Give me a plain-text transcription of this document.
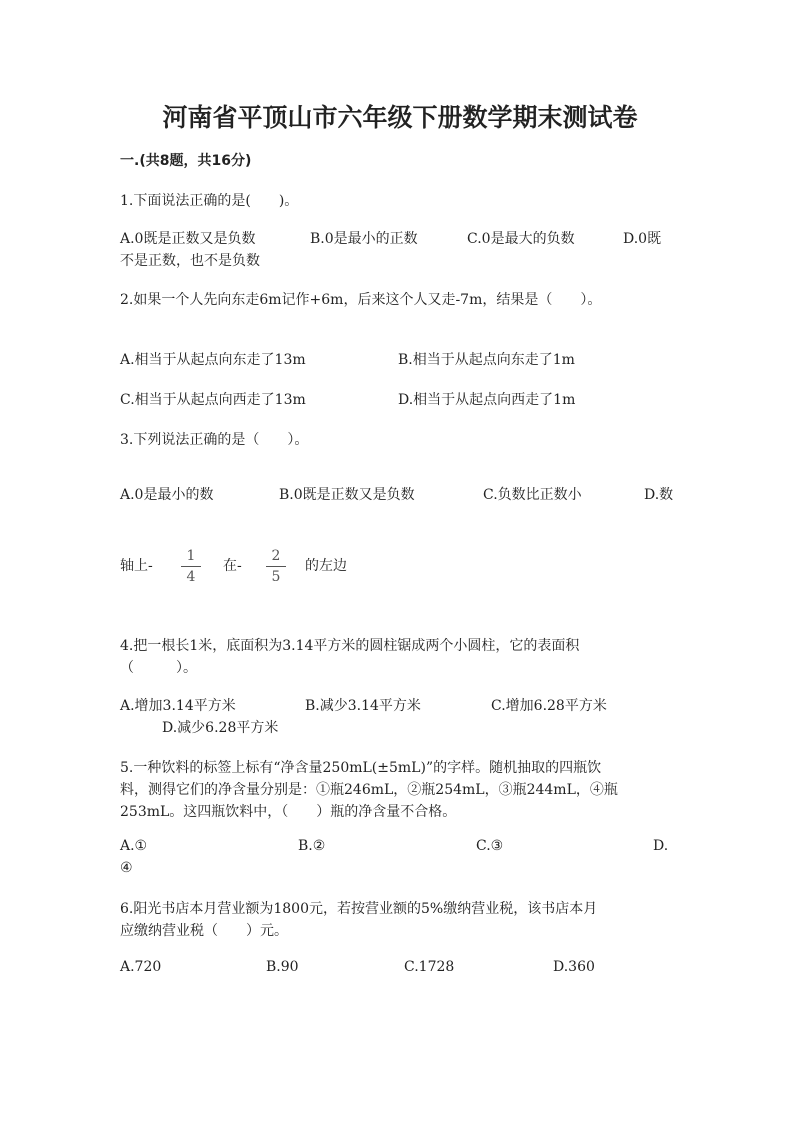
河南省平顶山市六年级下册数学期末测试卷
一.(共8题，共16分)
1.下面说法正确的是(　　)。
A.0既是正数又是负数	B.0是最小的正数	C.0是最大的负数	D.0既
不是正数，也不是负数
2.如果一个人先向东走6m记作+6m，后来这个人又走-7m，结果是（　　）。
A.相当于从起点向东走了13m	B.相当于从起点向东走了1m
C.相当于从起点向西走了13m	D.相当于从起点向西走了1m
3.下列说法正确的是（　　）。
A.0是最小的数	B.0既是正数又是负数	C.负数比正数小	D.数
轴上-
1
4
在-
2
5
的左边
4.把一根长1米，底面积为3.14平方米的圆柱锯成两个小圆柱，它的表面积
（　　　）。
A.增加3.14平方米	B.减少3.14平方米	C.增加6.28平方米
D.减少6.28平方米
5.一种饮料的标签上标有“净含量250mL(±5mL)”的字样。随机抽取的四瓶饮
料，测得它们的净含量分别是：①瓶246mL，②瓶254mL，③瓶244mL，④瓶
253mL。这四瓶饮料中，（　　）瓶的净含量不合格。
A.①	B.②	C.③	D.
④
6.阳光书店本月营业额为1800元，若按营业额的5%缴纳营业税，该书店本月
应缴纳营业税（　　）元。
A.720	B.90	C.1728	D.360
